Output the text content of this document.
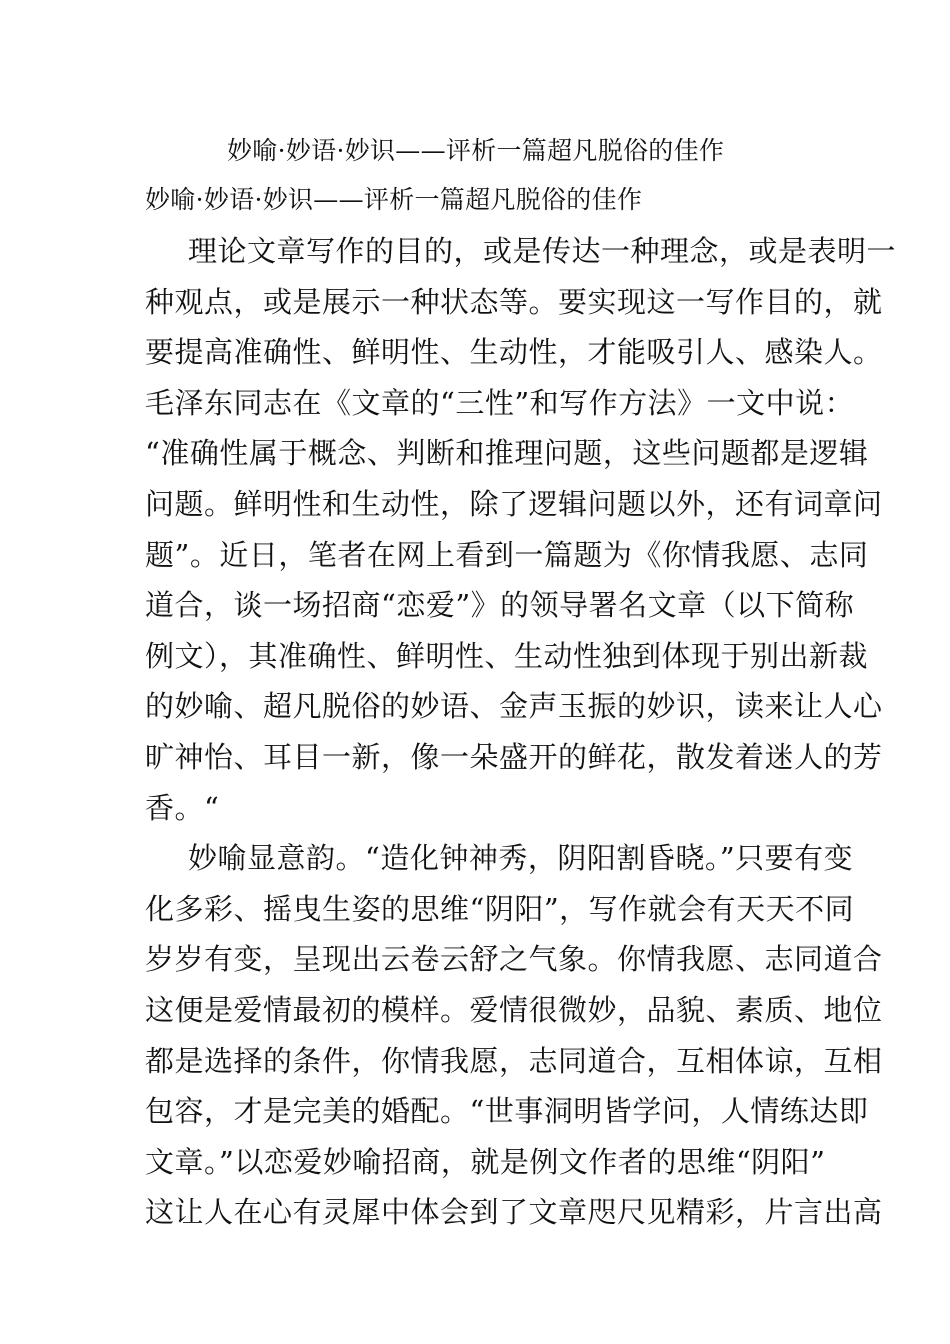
妙喻·妙语·妙识——评析一篇超凡脱俗的佳作
妙喻·妙语·妙识——评析一篇超凡脱俗的佳作
理论文章写作的目的，或是传达一种理念，或是表明一
种观点，或是展示一种状态等。要实现这一写作目的，就
要提高准确性、鲜明性、生动性，才能吸引人、感染人。
毛泽东同志在《文章的“三性”和写作方法》一文中说：
“准确性属于概念、判断和推理问题，这些问题都是逻辑
问题。鲜明性和生动性，除了逻辑问题以外，还有词章问
题”。近日，笔者在网上看到一篇题为《你情我愿、志同
道合，谈一场招商“恋爱”》的领导署名文章（以下简称
例文），其准确性、鲜明性、生动性独到体现于别出新裁
的妙喻、超凡脱俗的妙语、金声玉振的妙识，读来让人心
旷神怡、耳目一新，像一朵盛开的鲜花，散发着迷人的芳
香。“
妙喻显意韵。“造化钟神秀，阴阳割昏晓。”只要有变
化多彩、摇曳生姿的思维“阴阳”，写作就会有天天不同
岁岁有变，呈现出云卷云舒之气象。你情我愿、志同道合
这便是爱情最初的模样。爱情很微妙，品貌、素质、地位
都是选择的条件，你情我愿，志同道合，互相体谅，互相
包容，才是完美的婚配。“世事洞明皆学问，人情练达即
文章。”以恋爱妙喻招商，就是例文作者的思维“阴阳”
这让人在心有灵犀中体会到了文章咫尺见精彩，片言出高
